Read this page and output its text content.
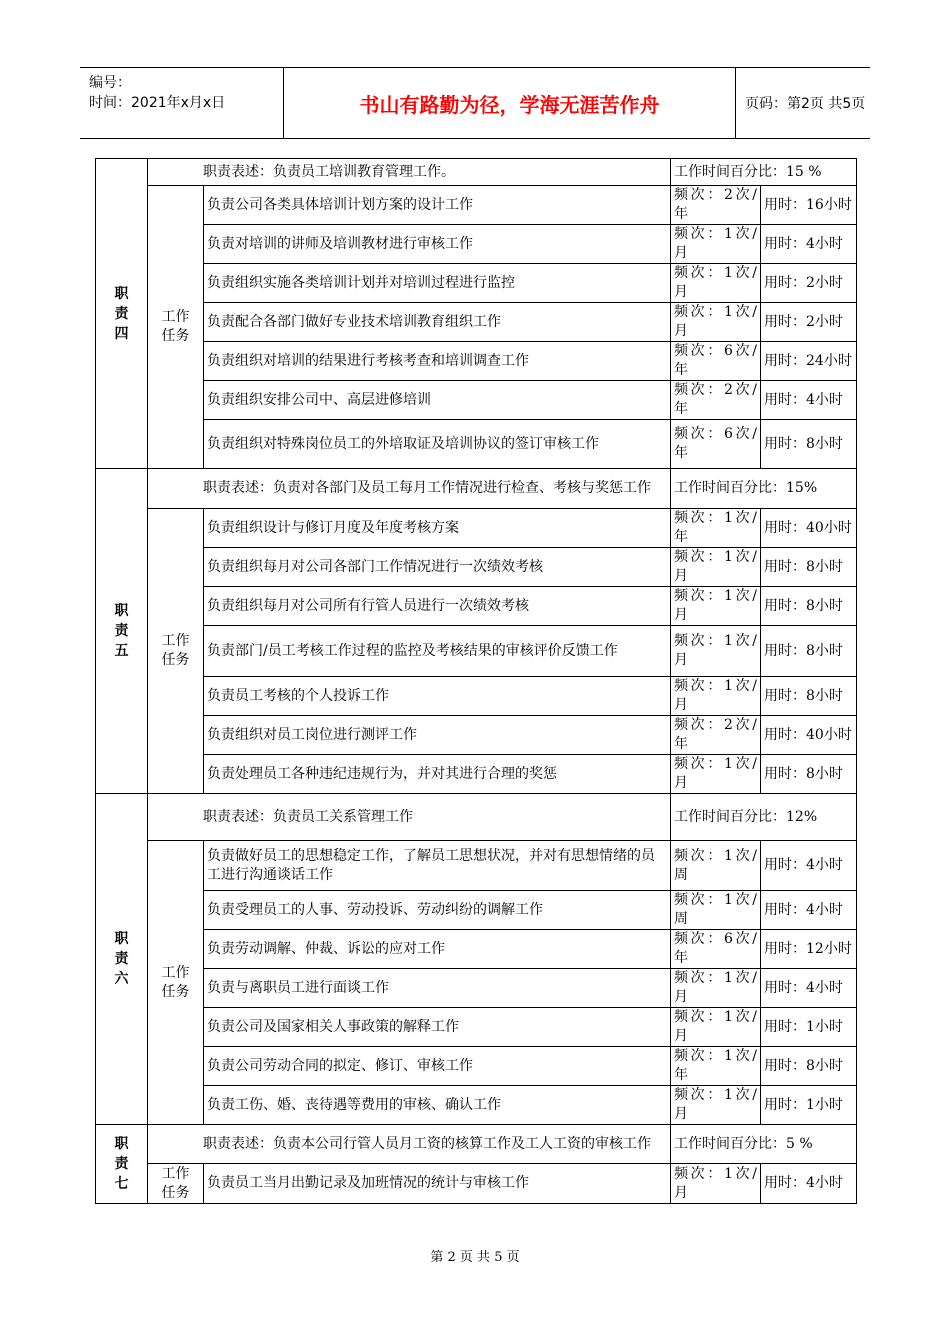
编号：
时间：2021年x月x日	书山有路勤为径，学海无涯苦作舟	页码：第2页 共5页
职责四	职责表述：负责员工培训教育管理工作。		工作时间百分比：15 %	
	工作任务	负责公司各类具体培训计划方案的设计工作	频次：2次/年	用时：16小时
		负责对培训的讲师及培训教材进行审核工作	频次：1次/月	用时：4小时
		负责组织实施各类培训计划并对培训过程进行监控	频次：1次/月	用时：2小时
		负责配合各部门做好专业技术培训教育组织工作	频次：1次/月	用时：2小时
		负责组织对培训的结果进行考核考查和培训调查工作	频次：6次/年	用时：24小时
		负责组织安排公司中、高层进修培训	频次：2次/年	用时：4小时
		负责组织对特殊岗位员工的外培取证及培训协议的签订审核工作	频次：6次/年	用时：8小时
职责五	职责表述：负责对各部门及员工每月工作情况进行检查、考核与奖惩工作		工作时间百分比：15%	
	工作任务	负责组织设计与修订月度及年度考核方案	频次：1次/年	用时：40小时
		负责组织每月对公司各部门工作情况进行一次绩效考核	频次：1次/月	用时：8小时
		负责组织每月对公司所有行管人员进行一次绩效考核	频次：1次/月	用时：8小时
		负责部门/员工考核工作过程的监控及考核结果的审核评价反馈工作	频次：1次/月	用时：8小时
		负责员工考核的个人投诉工作	频次：1次/月	用时：8小时
		负责组织对员工岗位进行测评工作	频次：2次/年	用时：40小时
		负责处理员工各种违纪违规行为，并对其进行合理的奖惩	频次：1次/月	用时：8小时
职责六	职责表述：负责员工关系管理工作		工作时间百分比：12%	
	工作任务	负责做好员工的思想稳定工作，了解员工思想状况，并对有思想情绪的员工进行沟通谈话工作	频次：1次/周	用时：4小时
		负责受理员工的人事、劳动投诉、劳动纠纷的调解工作	频次：1次/周	用时：4小时
		负责劳动调解、仲裁、诉讼的应对工作	频次：6次/年	用时：12小时
		负责与离职员工进行面谈工作	频次：1次/月	用时：4小时
		负责公司及国家相关人事政策的解释工作	频次：1次/月	用时：1小时
		负责公司劳动合同的拟定、修订、审核工作	频次：1次/年	用时：8小时
		负责工伤、婚、丧待遇等费用的审核、确认工作	频次：1次/月	用时：1小时
职责七	职责表述：负责本公司行管人员月工资的核算工作及工人工资的审核工作		工作时间百分比：5 %	
	工作任务	负责员工当月出勤记录及加班情况的统计与审核工作	频次：1次/月	用时：4小时
第 2 页 共 5 页
